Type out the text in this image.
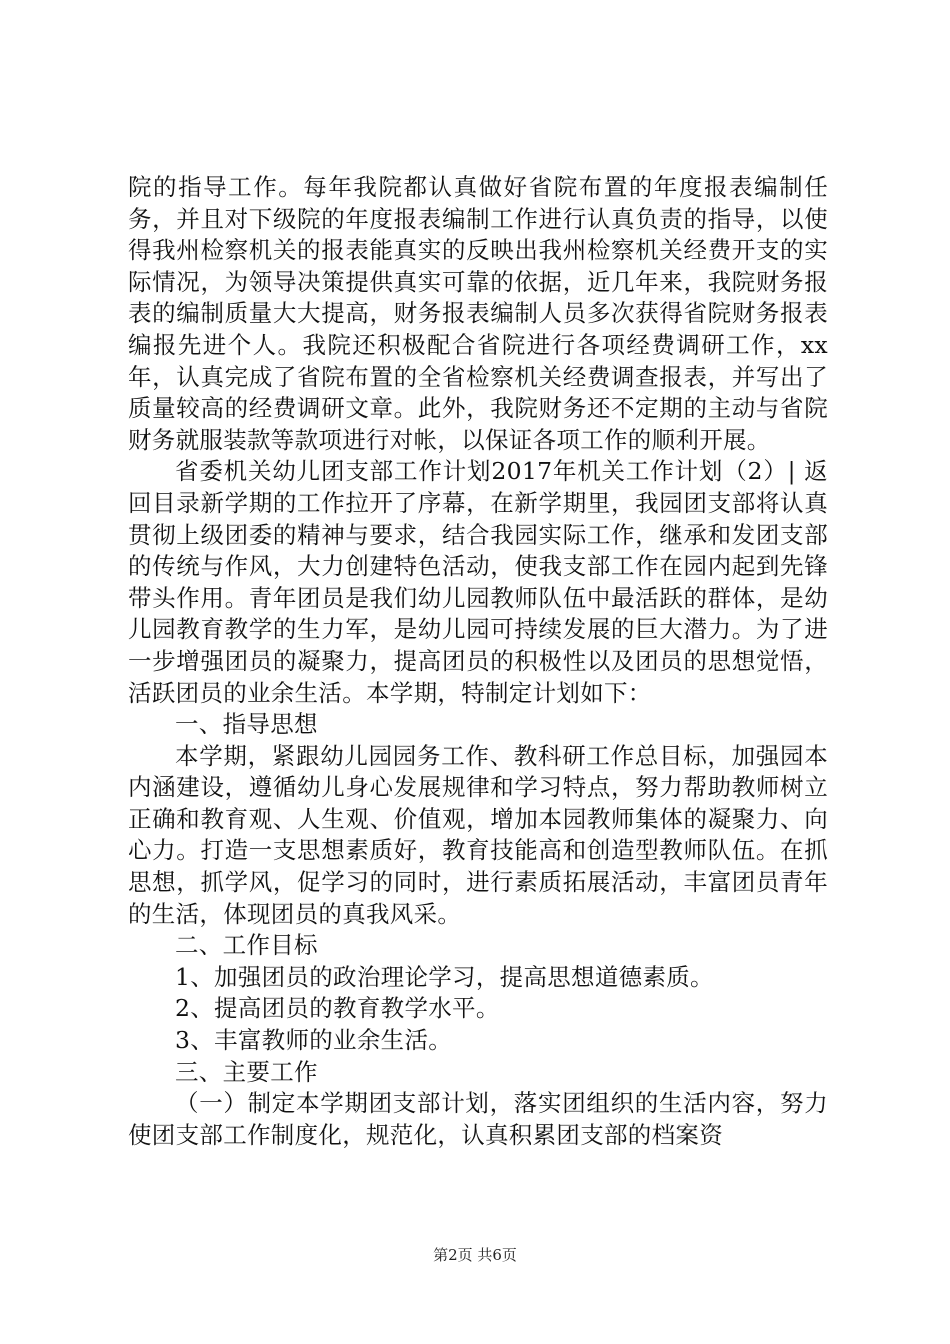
院的指导工作。每年我院都认真做好省院布置的年度报表编制任务，并且对下级院的年度报表编制工作进行认真负责的指导，以使得我州检察机关的报表能真实的反映出我州检察机关经费开支的实际情况，为领导决策提供真实可靠的依据，近几年来，我院财务报表的编制质量大大提高，财务报表编制人员多次获得省院财务报表编报先进个人。我院还积极配合省院进行各项经费调研工作，xx年，认真完成了省院布置的全省检察机关经费调查报表，并写出了质量较高的经费调研文章。此外，我院财务还不定期的主动与省院财务就服装款等款项进行对帐，以保证各项工作的顺利开展。

省委机关幼儿团支部工作计划2017年机关工作计划（2）| 返回目录新学期的工作拉开了序幕，在新学期里，我园团支部将认真贯彻上级团委的精神与要求，结合我园实际工作，继承和发团支部的传统与作风，大力创建特色活动，使我支部工作在园内起到先锋带头作用。青年团员是我们幼儿园教师队伍中最活跃的群体，是幼儿园教育教学的生力军，是幼儿园可持续发展的巨大潜力。为了进一步增强团员的凝聚力，提高团员的积极性以及团员的思想觉悟，活跃团员的业余生活。本学期，特制定计划如下：

一、指导思想

本学期，紧跟幼儿园园务工作、教科研工作总目标，加强园本内涵建设，遵循幼儿身心发展规律和学习特点，努力帮助教师树立正确和教育观、人生观、价值观，增加本园教师集体的凝聚力、向心力。打造一支思想素质好，教育技能高和创造型教师队伍。在抓思想，抓学风，促学习的同时，进行素质拓展活动，丰富团员青年的生活，体现团员的真我风采。

二、工作目标

1、加强团员的政治理论学习，提高思想道德素质。

2、提高团员的教育教学水平。

3、丰富教师的业余生活。

三、主要工作

（一）制定本学期团支部计划，落实团组织的生活内容，努力使团支部工作制度化，规范化，认真积累团支部的档案资

第2页 共6页
